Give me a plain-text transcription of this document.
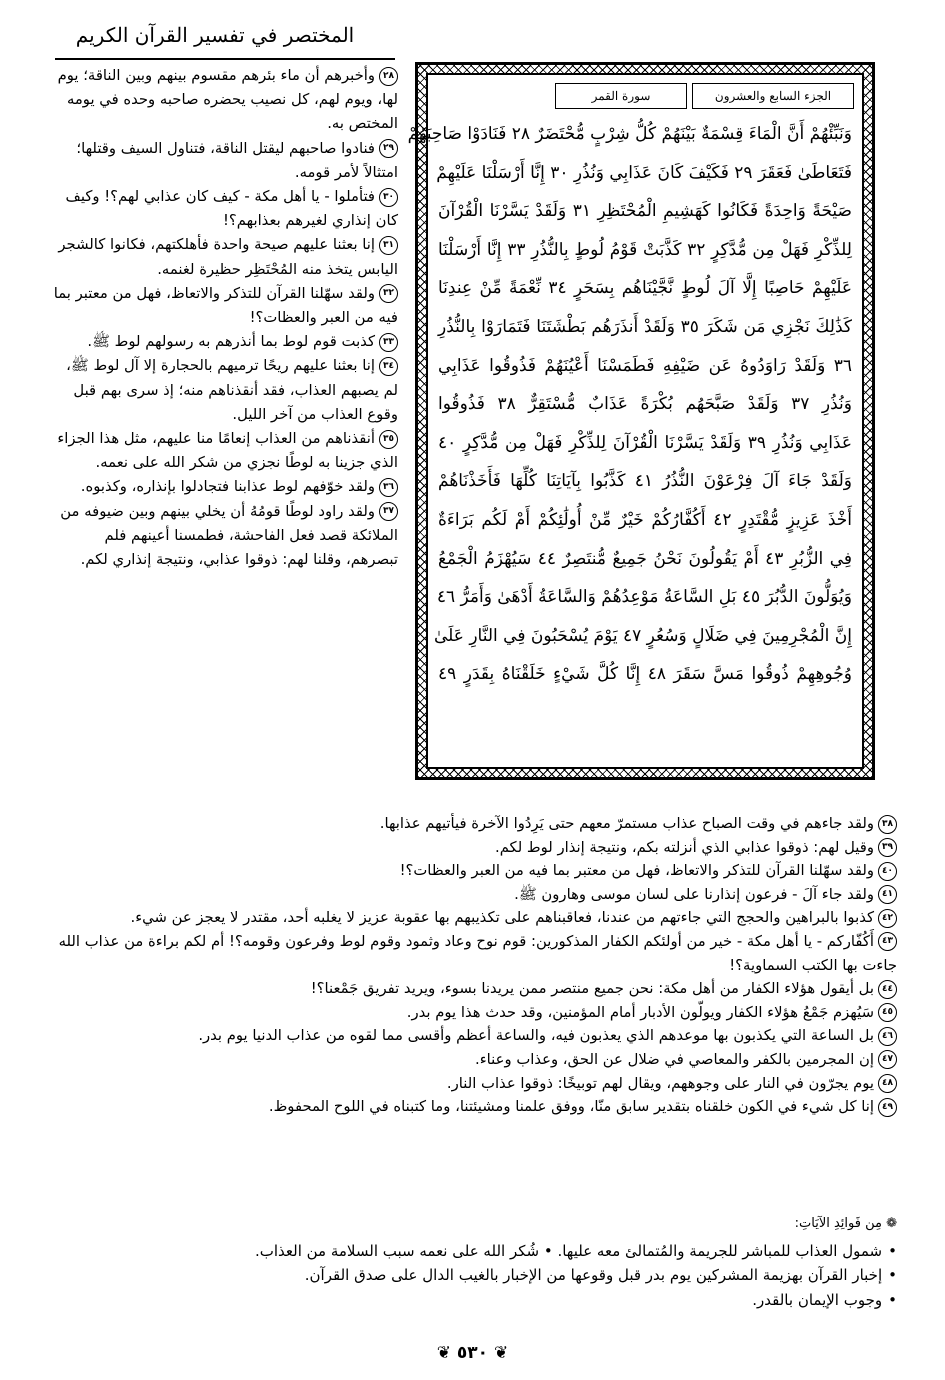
المختصر في تفسير القرآن الكريم
الجزء السابع والعشرون
سورة القمر
وَنَبِّئْهُمْ أَنَّ الْمَاءَ قِسْمَةٌ بَيْنَهُمْ كُلُّ شِرْبٍ مُّحْتَضَرٌ ٢٨ فَنَادَوْا صَاحِبَهُمْ
فَتَعَاطَىٰ فَعَقَرَ ٢٩ فَكَيْفَ كَانَ عَذَابِي وَنُذُرِ ٣٠ إِنَّا أَرْسَلْنَا عَلَيْهِمْ
صَيْحَةً وَاحِدَةً فَكَانُوا كَهَشِيمِ الْمُحْتَظِرِ ٣١ وَلَقَدْ يَسَّرْنَا الْقُرْآنَ
لِلذِّكْرِ فَهَلْ مِن مُّدَّكِرٍ ٣٢ كَذَّبَتْ قَوْمُ لُوطٍ بِالنُّذُرِ ٣٣ إِنَّا أَرْسَلْنَا
عَلَيْهِمْ حَاصِبًا إِلَّا آلَ لُوطٍ نَّجَّيْنَاهُم بِسَحَرٍ ٣٤ نِّعْمَةً مِّنْ عِندِنَا
كَذَٰلِكَ نَجْزِي مَن شَكَرَ ٣٥ وَلَقَدْ أَنذَرَهُم بَطْشَتَنَا فَتَمَارَوْا بِالنُّذُرِ
٣٦ وَلَقَدْ رَاوَدُوهُ عَن ضَيْفِهِ فَطَمَسْنَا أَعْيُنَهُمْ فَذُوقُوا عَذَابِي
وَنُذُرِ ٣٧ وَلَقَدْ صَبَّحَهُم بُكْرَةً عَذَابٌ مُّسْتَقِرٌّ ٣٨ فَذُوقُوا
عَذَابِي وَنُذُرِ ٣٩ وَلَقَدْ يَسَّرْنَا الْقُرْآنَ لِلذِّكْرِ فَهَلْ مِن مُّدَّكِرٍ ٤٠
وَلَقَدْ جَاءَ آلَ فِرْعَوْنَ النُّذُرُ ٤١ كَذَّبُوا بِآيَاتِنَا كُلِّهَا فَأَخَذْنَاهُمْ
أَخْذَ عَزِيزٍ مُّقْتَدِرٍ ٤٢ أَكُفَّارُكُمْ خَيْرٌ مِّنْ أُولَٰئِكُمْ أَمْ لَكُم بَرَاءَةٌ
فِي الزُّبُرِ ٤٣ أَمْ يَقُولُونَ نَحْنُ جَمِيعٌ مُّنتَصِرٌ ٤٤ سَيُهْزَمُ الْجَمْعُ
وَيُوَلُّونَ الدُّبُرَ ٤٥ بَلِ السَّاعَةُ مَوْعِدُهُمْ وَالسَّاعَةُ أَدْهَىٰ وَأَمَرُّ ٤٦
إِنَّ الْمُجْرِمِينَ فِي ضَلَالٍ وَسُعُرٍ ٤٧ يَوْمَ يُسْحَبُونَ فِي النَّارِ عَلَىٰ
وُجُوهِهِمْ ذُوقُوا مَسَّ سَقَرَ ٤٨ إِنَّا كُلَّ شَيْءٍ خَلَقْنَاهُ بِقَدَرٍ ٤٩

٢٨وأخبرهم أن ماء بئرهم مقسوم بينهم وبين الناقة؛ يوم لها، ويوم لهم، كل نصيب يحضره صاحبه وحده في يومه المختص به.

٢٩فنادوا صاحبهم ليقتل الناقة، فتناول السيف وقتلها؛ امتثالاً لأمر قومه.

٣٠فتأملوا - يا أهل مكة - كيف كان عذابي لهم؟! وكيف كان إنذاري لغيرهم بعذابهم؟!

٣١إنا بعثنا عليهم صيحة واحدة فأهلكتهم، فكانوا كالشجر اليابس يتخذ منه المُحْتَظِر حظيرة لغنمه.

٣٢ولقد سهّلنا القرآن للتذكر والاتعاظ، فهل من معتبر بما فيه من العبر والعظات؟!

٣٣كذبت قوم لوط بما أنذرهم به رسولهم لوط ﷺ.

٣٤إنا بعثنا عليهم ريحًا ترميهم بالحجارة إلا آل لوط ﷺ، لم يصبهم العذاب، فقد أنقذناهم منه؛ إذ سرى بهم قبل وقوع العذاب من آخر الليل.

٣٥أنقذناهم من العذاب إنعامًا منا عليهم، مثل هذا الجزاء الذي جزينا به لوطًا نجزي من شكر الله على نعمه.

٣٦ولقد خوّفهم لوط عذابنا فتجادلوا بإنذاره، وكذبوه.

٣٧ولقد راود لوطًا قومُهُ أن يخلي بينهم وبين ضيوفه من الملائكة قصد فعل الفاحشة، فطمسنا أعينهم فلم تبصرهم، وقلنا لهم: ذوقوا عذابي، ونتيجة إنذاري لكم.

٣٨ولقد جاءهم في وقت الصباح عذاب مستمرّ معهم حتى يَرِدُوا الآخرة فيأتيهم عذابها.

٣٩وقيل لهم: ذوقوا عذابي الذي أنزلته بكم، ونتيجة إنذار لوط لكم.

٤٠ولقد سهّلنا القرآن للتذكر والاتعاظ، فهل من معتبر بما فيه من العبر والعظات؟!

٤١ولقد جاء آلَ - فرعون إنذارنا على لسان موسى وهارون ﷺ.

٤٢كذبوا بالبراهين والحجج التي جاءتهم من عندنا، فعاقبناهم على تكذيبهم بها عقوبة عزيز لا يغلبه أحد، مقتدر لا يعجز عن شيء.

٤٣أَكُفّاركم - يا أهل مكة - خير من أولئكم الكفار المذكورين: قوم نوح وعاد وثمود وقوم لوط وفرعون وقومه؟! أم لكم براءة من عذاب الله جاءت بها الكتب السماوية؟!

٤٤بل أيقول هؤلاء الكفار من أهل مكة: نحن جميع منتصر ممن يريدنا بسوء، ويريد تفريق جَمْعنا؟!

٤٥سَيُهزم جَمْعُ هؤلاء الكفار ويولّون الأدبار أمام المؤمنين، وقد حدث هذا يوم بدر.

٤٦بل الساعة التي يكذبون بها موعدهم الذي يعذبون فيه، والساعة أعظم وأقسى مما لقوه من عذاب الدنيا يوم بدر.

٤٧إن المجرمين بالكفر والمعاصي في ضلال عن الحق، وعذاب وعناء.

٤٨يوم يجرّون في النار على وجوههم، ويقال لهم توبيخًا: ذوقوا عذاب النار.

٤٩إنا كل شيء في الكون خلقناه بتقدير سابق منّا، ووفق علمنا ومشيئتنا، وما كتبناه في اللوح المحفوظ.

❁ مِن فَوائِدِ الآيَاتِ:

•شمول العذاب للمباشر للجريمة والمُتمالئ معه عليها. • شُكر الله على نعمه سبب السلامة من العذاب.

•إخبار القرآن بهزيمة المشركين يوم بدر قبل وقوعها من الإخبار بالغيب الدال على صدق القرآن.

•وجوب الإيمان بالقدر.

❦ ٥٣٠ ❦
